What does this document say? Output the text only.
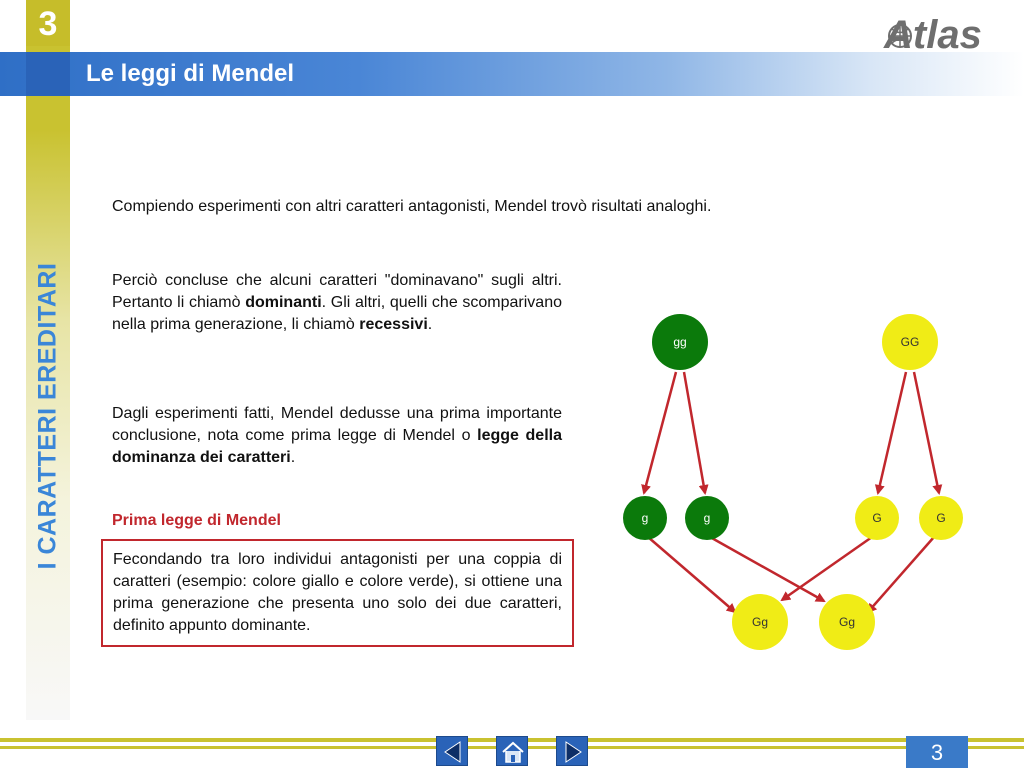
3
I CARATTERI EREDITARI
Le leggi di Mendel
Atlas
Compiendo esperimenti con altri caratteri antagonisti, Mendel trovò risultati analoghi.
Perciò concluse che alcuni caratteri "dominavano" sugli altri. Pertanto li chiamò dominanti. Gli altri, quelli che scomparivano nella prima generazione, li chiamò recessivi.
Dagli esperimenti fatti, Mendel dedusse una prima importante conclusione, nota come prima legge di Mendel o legge della dominanza dei caratteri.
Prima legge di Mendel
Fecondando tra loro individui antagonisti per una coppia di caratteri (esempio: colore giallo e colore verde), si ottiene una prima generazione che presenta uno solo dei due caratteri, definito appunto dominante.
gg	GG
g	g	G	G
Gg	Gg
3
